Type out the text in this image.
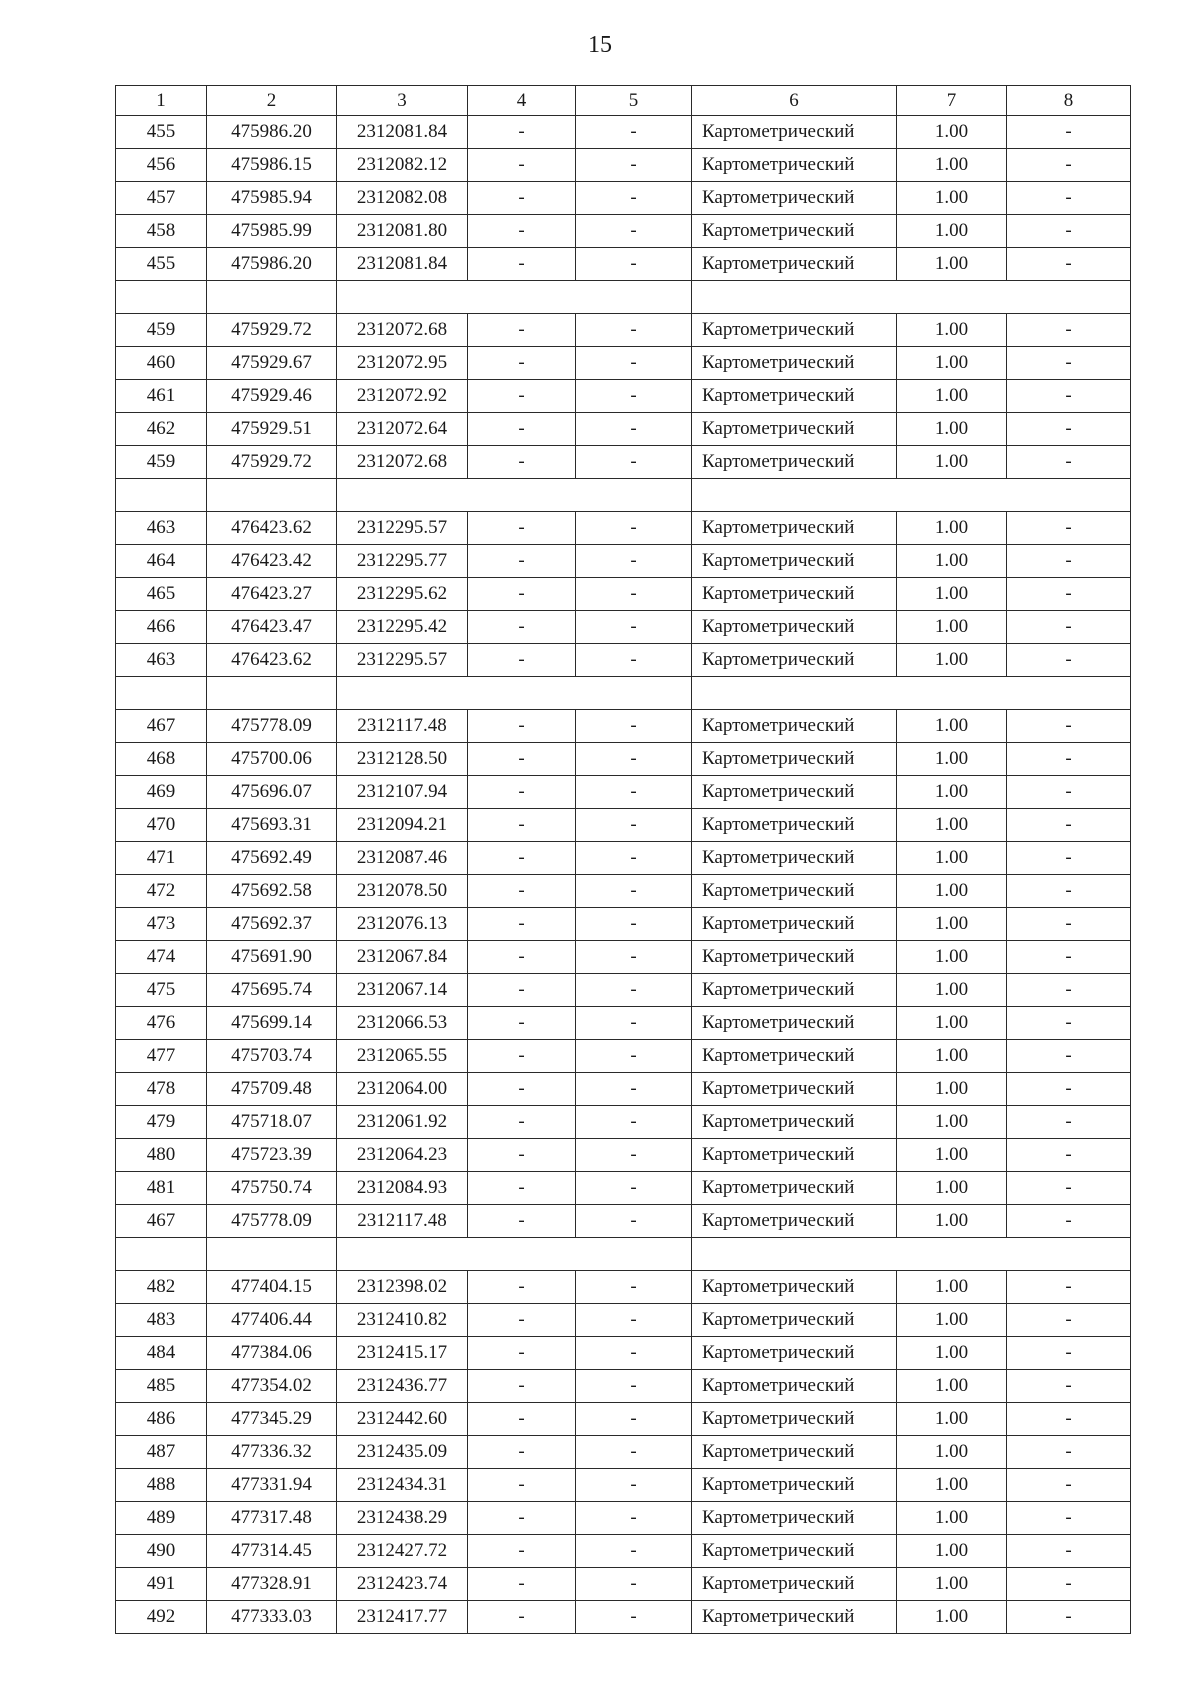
15
1	2	3	4	5	6	7	8
455	475986.20	2312081.84	-	-	Картометрический	1.00	-
456	475986.15	2312082.12	-	-	Картометрический	1.00	-
457	475985.94	2312082.08	-	-	Картометрический	1.00	-
458	475985.99	2312081.80	-	-	Картометрический	1.00	-
455	475986.20	2312081.84	-	-	Картометрический	1.00	-

459	475929.72	2312072.68	-	-	Картометрический	1.00	-
460	475929.67	2312072.95	-	-	Картометрический	1.00	-
461	475929.46	2312072.92	-	-	Картометрический	1.00	-
462	475929.51	2312072.64	-	-	Картометрический	1.00	-
459	475929.72	2312072.68	-	-	Картометрический	1.00	-

463	476423.62	2312295.57	-	-	Картометрический	1.00	-
464	476423.42	2312295.77	-	-	Картометрический	1.00	-
465	476423.27	2312295.62	-	-	Картометрический	1.00	-
466	476423.47	2312295.42	-	-	Картометрический	1.00	-
463	476423.62	2312295.57	-	-	Картометрический	1.00	-

467	475778.09	2312117.48	-	-	Картометрический	1.00	-
468	475700.06	2312128.50	-	-	Картометрический	1.00	-
469	475696.07	2312107.94	-	-	Картометрический	1.00	-
470	475693.31	2312094.21	-	-	Картометрический	1.00	-
471	475692.49	2312087.46	-	-	Картометрический	1.00	-
472	475692.58	2312078.50	-	-	Картометрический	1.00	-
473	475692.37	2312076.13	-	-	Картометрический	1.00	-
474	475691.90	2312067.84	-	-	Картометрический	1.00	-
475	475695.74	2312067.14	-	-	Картометрический	1.00	-
476	475699.14	2312066.53	-	-	Картометрический	1.00	-
477	475703.74	2312065.55	-	-	Картометрический	1.00	-
478	475709.48	2312064.00	-	-	Картометрический	1.00	-
479	475718.07	2312061.92	-	-	Картометрический	1.00	-
480	475723.39	2312064.23	-	-	Картометрический	1.00	-
481	475750.74	2312084.93	-	-	Картометрический	1.00	-
467	475778.09	2312117.48	-	-	Картометрический	1.00	-

482	477404.15	2312398.02	-	-	Картометрический	1.00	-
483	477406.44	2312410.82	-	-	Картометрический	1.00	-
484	477384.06	2312415.17	-	-	Картометрический	1.00	-
485	477354.02	2312436.77	-	-	Картометрический	1.00	-
486	477345.29	2312442.60	-	-	Картометрический	1.00	-
487	477336.32	2312435.09	-	-	Картометрический	1.00	-
488	477331.94	2312434.31	-	-	Картометрический	1.00	-
489	477317.48	2312438.29	-	-	Картометрический	1.00	-
490	477314.45	2312427.72	-	-	Картометрический	1.00	-
491	477328.91	2312423.74	-	-	Картометрический	1.00	-
492	477333.03	2312417.77	-	-	Картометрический	1.00	-
